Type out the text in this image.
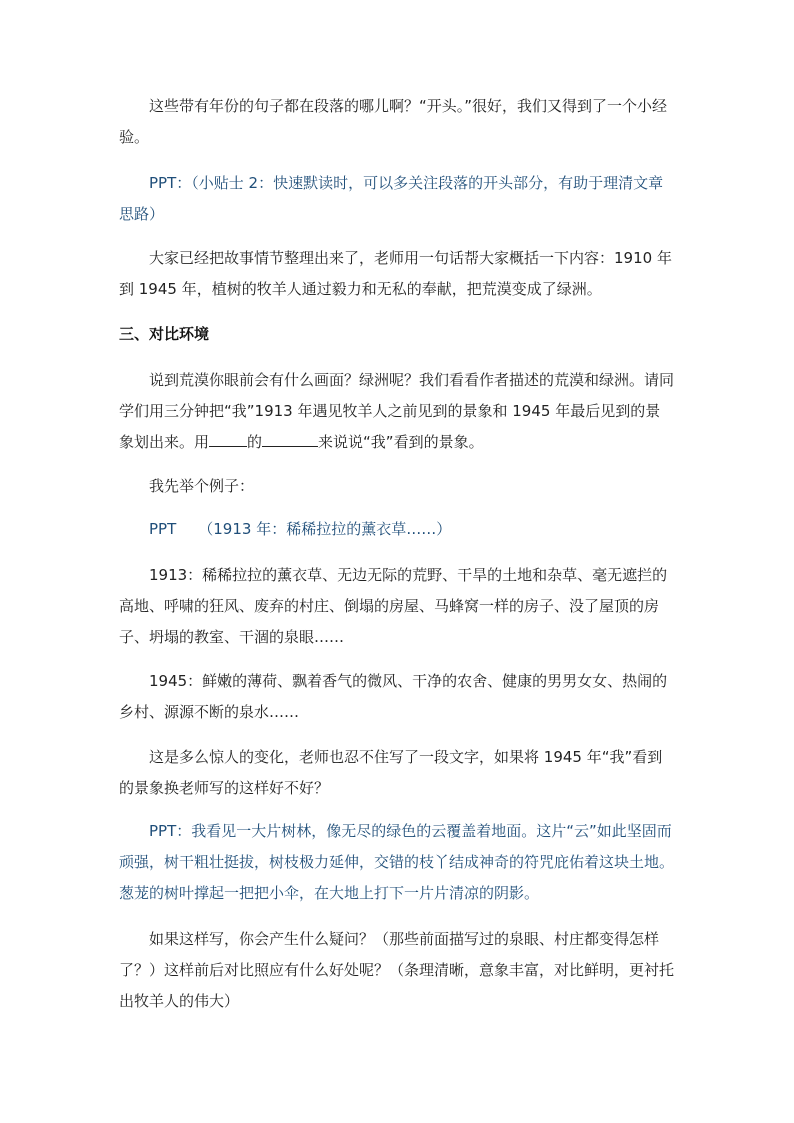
这些带有年份的句子都在段落的哪儿啊？“开头。”很好，我们又得到了一个小经验。

PPT：（小贴士 2：快速默读时，可以多关注段落的开头部分，有助于理清文章思路）

大家已经把故事情节整理出来了，老师用一句话帮大家概括一下内容：1910 年到 1945 年，植树的牧羊人通过毅力和无私的奉献，把荒漠变成了绿洲。

三、对比环境

说到荒漠你眼前会有什么画面？绿洲呢？我们看看作者描述的荒漠和绿洲。请同学们用三分钟把“我”1913 年遇见牧羊人之前见到的景象和 1945 年最后见到的景象划出来。用	的	来说说“我”看到的景象。

我先举个例子：

PPT （1913 年：稀稀拉拉的薰衣草……）

1913：稀稀拉拉的薰衣草、无边无际的荒野、干旱的土地和杂草、毫无遮拦的高地、呼啸的狂风、废弃的村庄、倒塌的房屋、马蜂窝一样的房子、没了屋顶的房子、坍塌的教室、干涸的泉眼……

1945：鲜嫩的薄荷、飘着香气的微风、干净的农舍、健康的男男女女、热闹的乡村、源源不断的泉水……

这是多么惊人的变化，老师也忍不住写了一段文字，如果将 1945 年“我”看到的景象换老师写的这样好不好？

PPT：我看见一大片树林，像无尽的绿色的云覆盖着地面。这片“云”如此坚固而顽强，树干粗壮挺拔，树枝极力延伸，交错的枝丫结成神奇的符咒庇佑着这块土地。葱茏的树叶撑起一把把小伞，在大地上打下一片片清凉的阴影。

如果这样写，你会产生什么疑问？（那些前面描写过的泉眼、村庄都变得怎样了？）这样前后对比照应有什么好处呢？（条理清晰，意象丰富，对比鲜明，更衬托出牧羊人的伟大）
